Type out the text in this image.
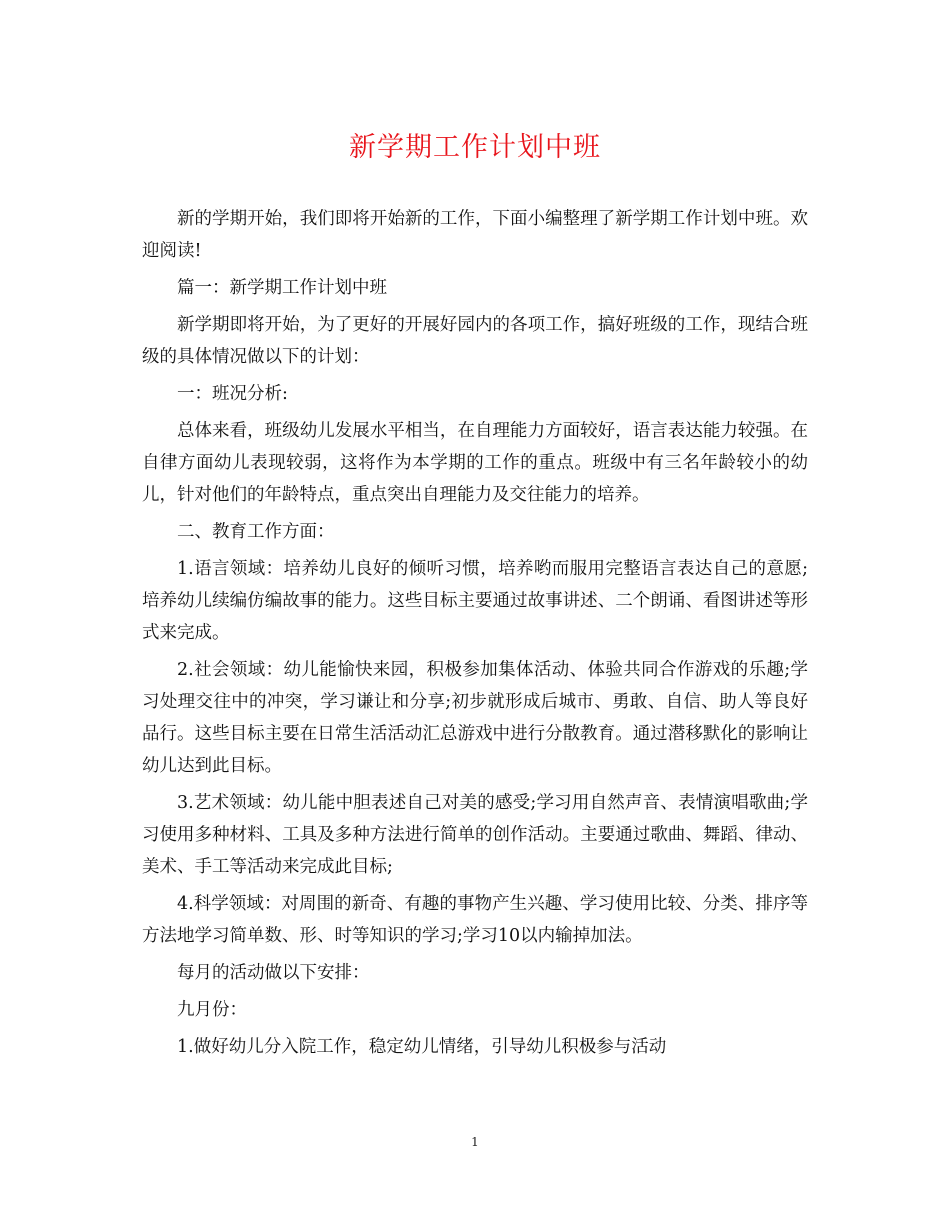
新学期工作计划中班

新的学期开始，我们即将开始新的工作，下面小编整理了新学期工作计划中班。欢迎阅读!

篇一：新学期工作计划中班

新学期即将开始，为了更好的开展好园内的各项工作，搞好班级的工作，现结合班级的具体情况做以下的计划：

一：班况分析:

总体来看，班级幼儿发展水平相当，在自理能力方面较好，语言表达能力较强。在自律方面幼儿表现较弱，这将作为本学期的工作的重点。班级中有三名年龄较小的幼儿，针对他们的年龄特点，重点突出自理能力及交往能力的培养。

二、教育工作方面：

1.语言领域：培养幼儿良好的倾听习惯，培养哟而服用完整语言表达自己的意愿;培养幼儿续编仿编故事的能力。这些目标主要通过故事讲述、二个朗诵、看图讲述等形式来完成。

2.社会领域：幼儿能愉快来园，积极参加集体活动、体验共同合作游戏的乐趣;学习处理交往中的冲突，学习谦让和分享;初步就形成后城市、勇敢、自信、助人等良好品行。这些目标主要在日常生活活动汇总游戏中进行分散教育。通过潜移默化的影响让幼儿达到此目标。

3.艺术领域：幼儿能中胆表述自己对美的感受;学习用自然声音、表情演唱歌曲;学习使用多种材料、工具及多种方法进行简单的创作活动。主要通过歌曲、舞蹈、律动、美术、手工等活动来完成此目标;

4.科学领域：对周围的新奇、有趣的事物产生兴趣、学习使用比较、分类、排序等方法地学习简单数、形、时等知识的学习;学习10以内输掉加法。

每月的活动做以下安排：

九月份：

1.做好幼儿分入院工作，稳定幼儿情绪，引导幼儿积极参与活动

1
